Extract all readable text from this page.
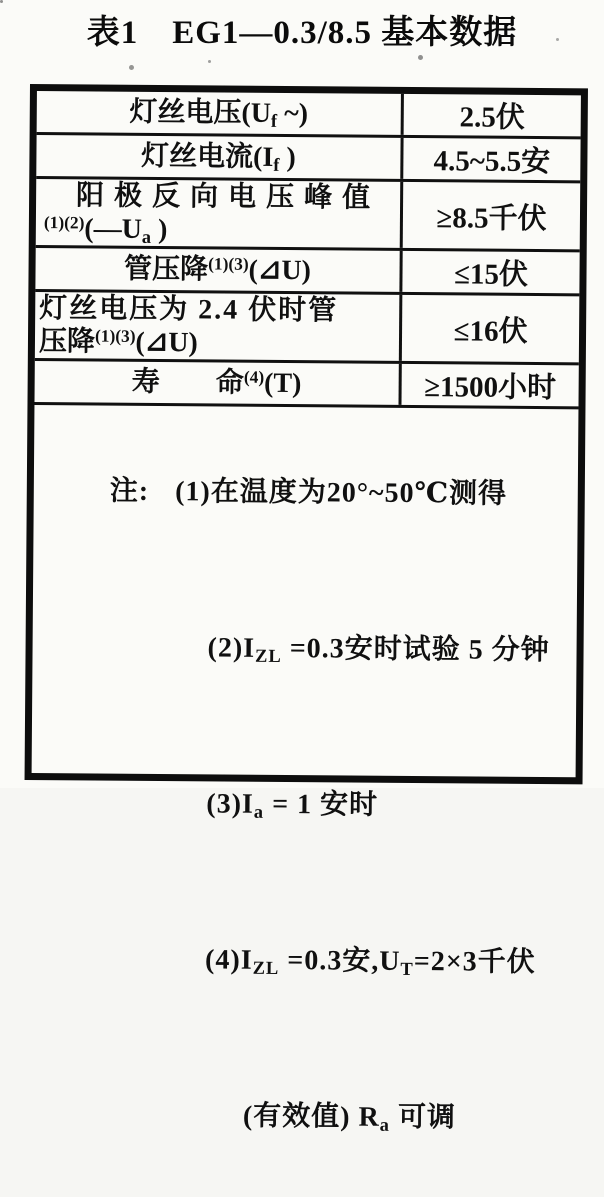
表1　EG1—0.3/8.5 基本数据
灯丝电压($U_f$ ~)	2.5伏
灯丝电流($I_f$ )	4.5~5.5安
阳极反向电压峰值
$^{(1)(2)}(—U_a$ )	≥8.5千伏
管压降$^{(1)(3)}$(⊿U)	≤15伏
灯丝电压为 2.4 伏时管
压降$^{(1)(3)}$(⊿U)	≤16伏
寿　　命$^{(4)}$(T)	≥1500小时

注: (1)在温度为20°~50℃测得

$(2)I_{ZL} =0.3$安时试验 5 分钟

$(3)I_a = 1$ 安时

$(4)I_{ZL} =0.3$安$,U_T=2\times 3$千伏

(有效值) $R_a$ 可调
